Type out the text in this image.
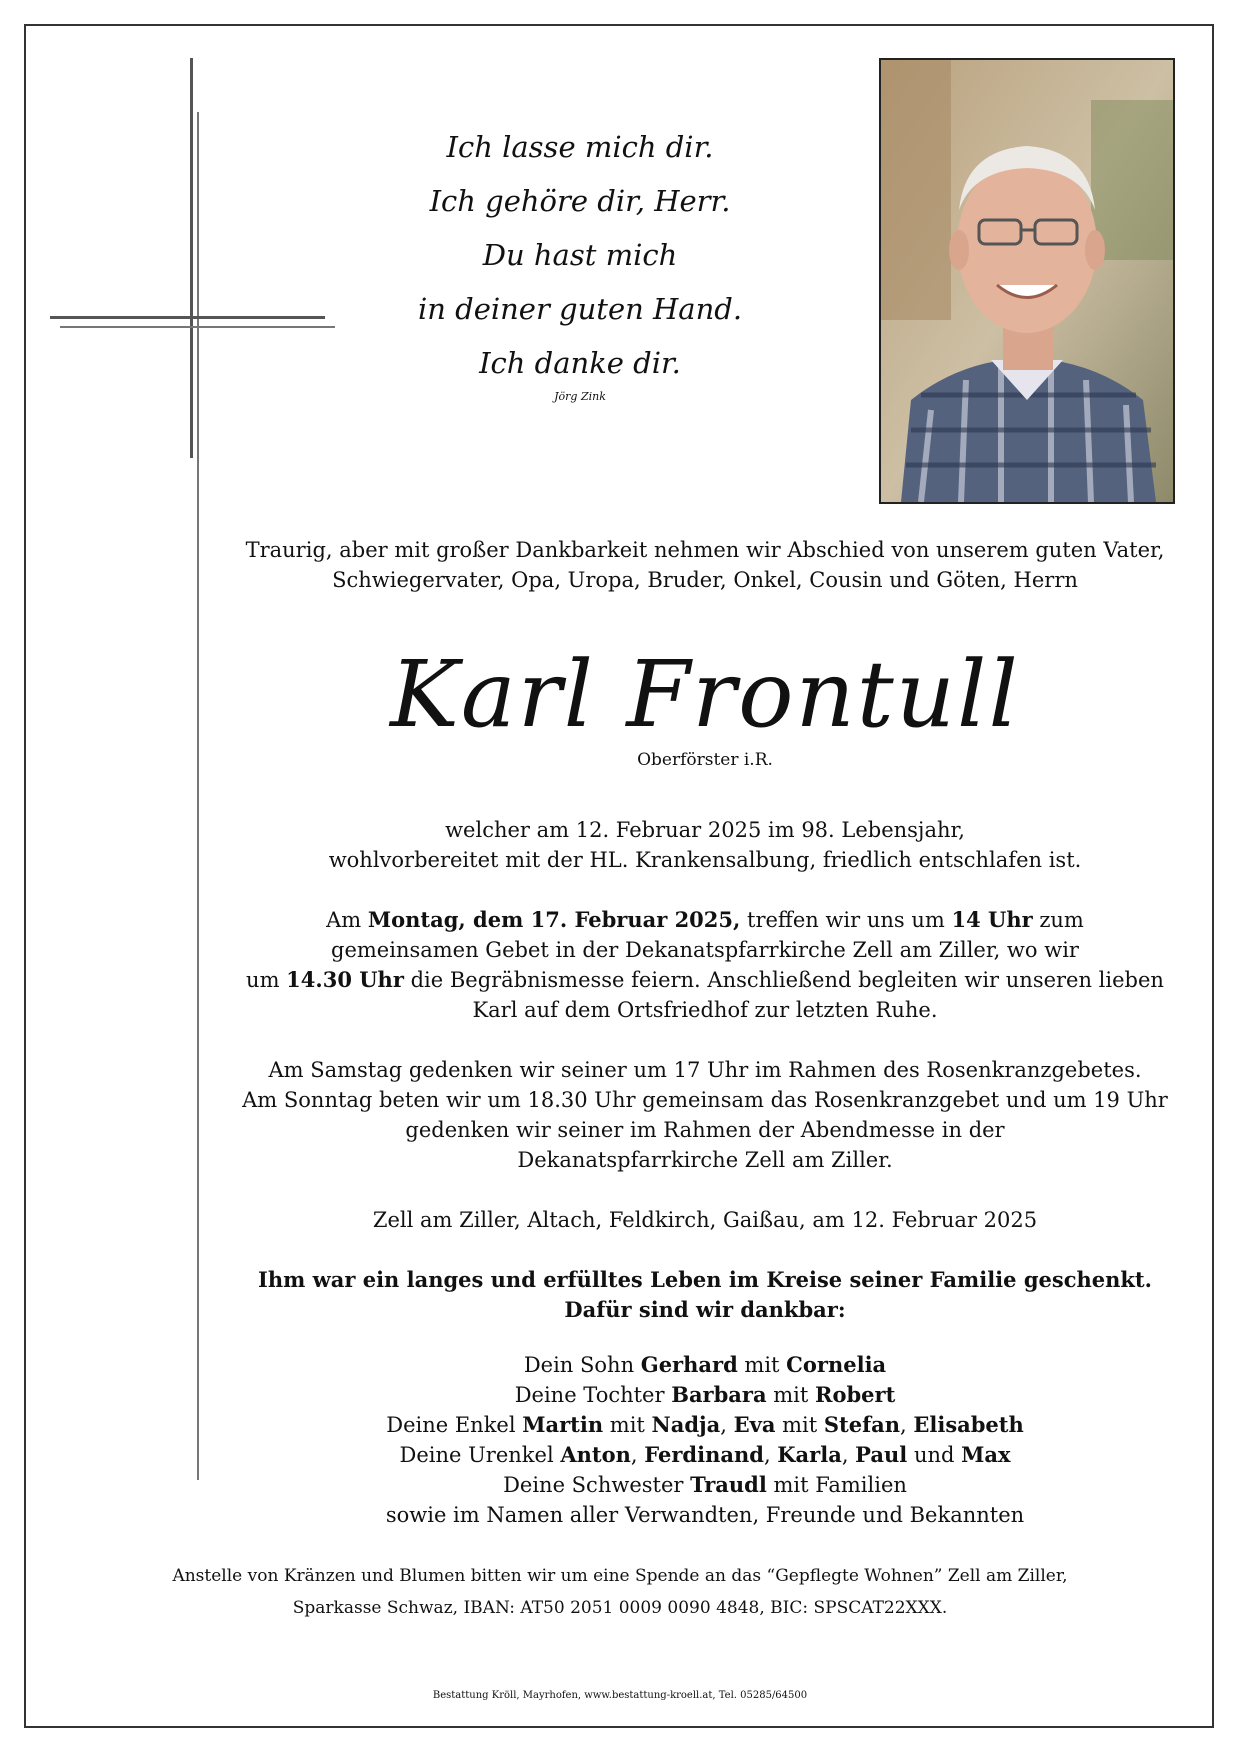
Ich lasse mich dir.
Ich gehöre dir, Herr.
Du hast mich
in deiner guten Hand.
Ich danke dir.
Jörg Zink
Traurig, aber mit großer Dankbarkeit nehmen wir Abschied von unserem guten Vater,
Schwiegervater, Opa, Uropa, Bruder, Onkel, Cousin und Göten, Herrn
Karl Frontull
Oberförster i.R.
welcher am 12. Februar 2025 im 98. Lebensjahr,
wohlvorbereitet mit der HL. Krankensalbung, friedlich entschlafen ist.
Am Montag, dem 17. Februar 2025, treffen wir uns um 14 Uhr zum
gemeinsamen Gebet in der Dekanatspfarrkirche Zell am Ziller, wo wir
um 14.30 Uhr die Begräbnismesse feiern. Anschließend begleiten wir unseren lieben
Karl auf dem Ortsfriedhof zur letzten Ruhe.
Am Samstag gedenken wir seiner um 17 Uhr im Rahmen des Rosenkranzgebetes.
Am Sonntag beten wir um 18.30 Uhr gemeinsam das Rosenkranzgebet und um 19 Uhr
gedenken wir seiner im Rahmen der Abendmesse in der
Dekanatspfarrkirche Zell am Ziller.
Zell am Ziller, Altach, Feldkirch, Gaißau, am 12. Februar 2025
Ihm war ein langes und erfülltes Leben im Kreise seiner Familie geschenkt.
Dafür sind wir dankbar:
Dein Sohn Gerhard mit Cornelia
Deine Tochter Barbara mit Robert
Deine Enkel Martin mit Nadja, Eva mit Stefan, Elisabeth
Deine Urenkel Anton, Ferdinand, Karla, Paul und Max
Deine Schwester Traudl mit Familien
sowie im Namen aller Verwandten, Freunde und Bekannten
Anstelle von Kränzen und Blumen bitten wir um eine Spende an das “Gepflegte Wohnen” Zell am Ziller,
Sparkasse Schwaz, IBAN: AT50 2051 0009 0090 4848, BIC: SPSCAT22XXX.
Bestattung Kröll, Mayrhofen, www.bestattung-kroell.at, Tel. 05285/64500
